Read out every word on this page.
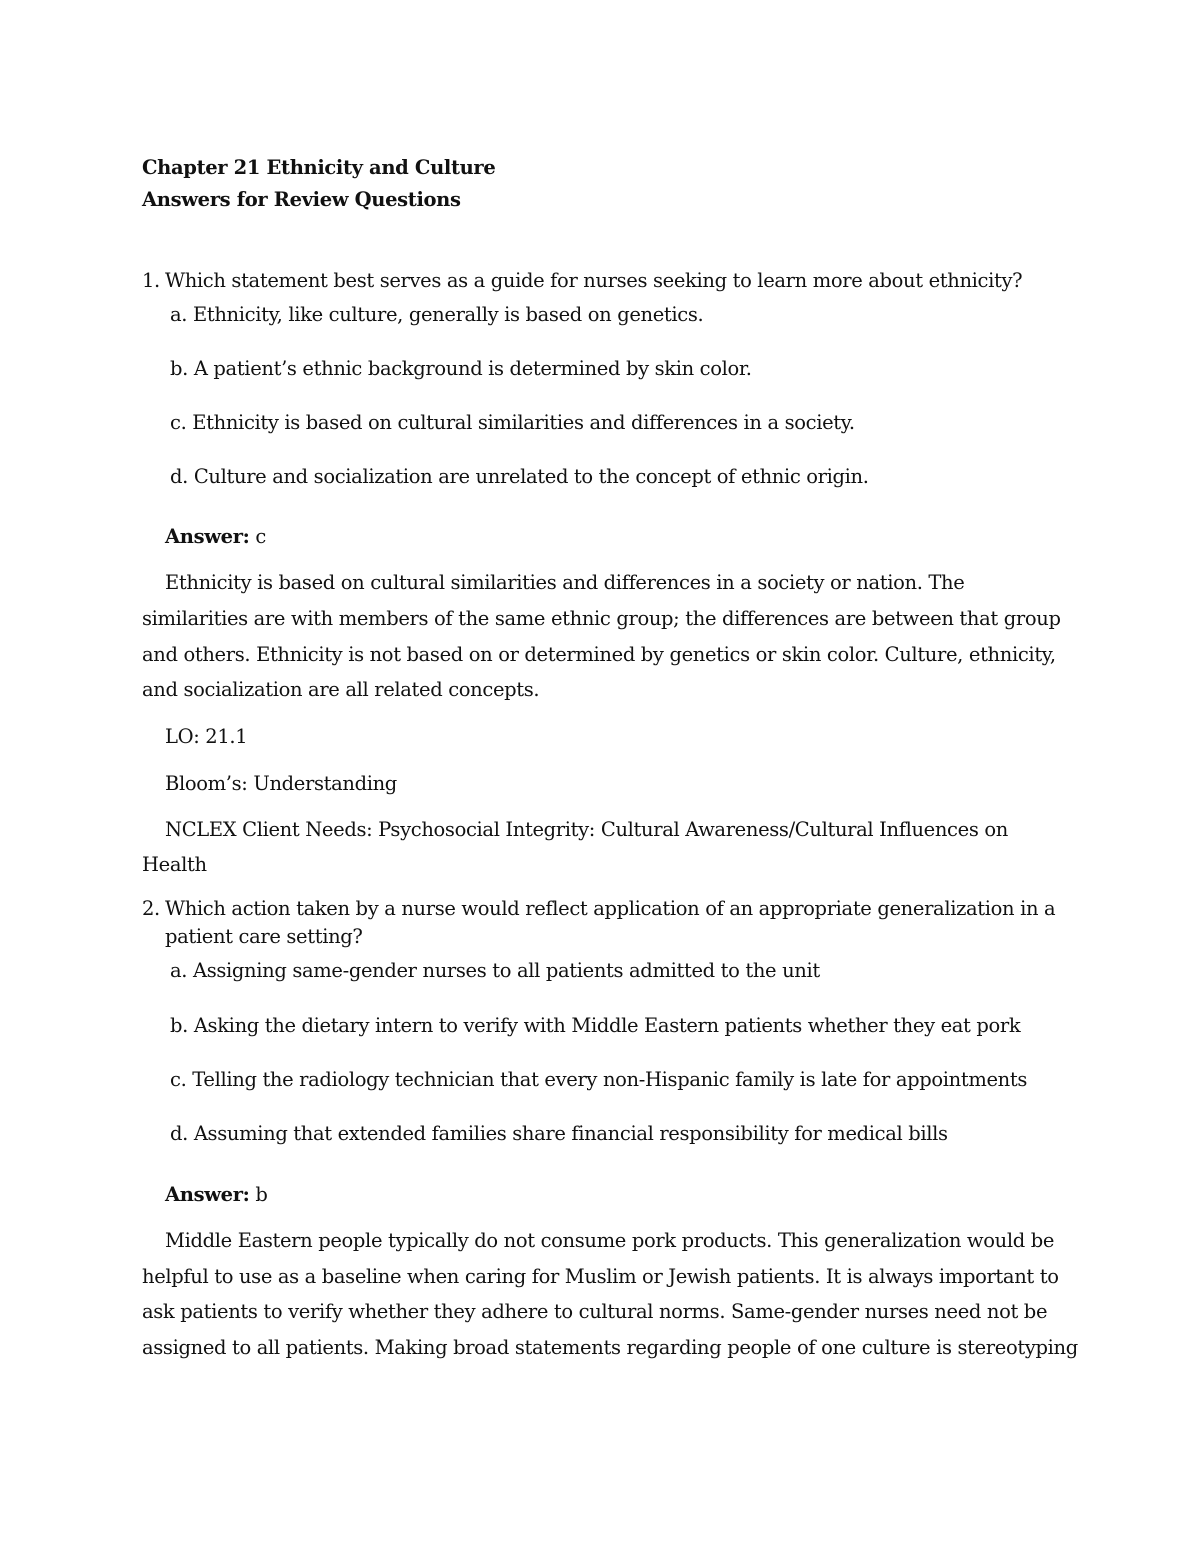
Chapter 21 Ethnicity and Culture
Answers for Review Questions
1. Which statement best serves as a guide for nurses seeking to learn more about ethnicity?
a. Ethnicity, like culture, generally is based on genetics.
b. A patient’s ethnic background is determined by skin color.
c. Ethnicity is based on cultural similarities and differences in a society.
d. Culture and socialization are unrelated to the concept of ethnic origin.
Answer: c
Ethnicity is based on cultural similarities and differences in a society or nation. The
similarities are with members of the same ethnic group; the differences are between that group
and others. Ethnicity is not based on or determined by genetics or skin color. Culture, ethnicity,
and socialization are all related concepts.
LO: 21.1
Bloom’s: Understanding
NCLEX Client Needs: Psychosocial Integrity: Cultural Awareness/Cultural Influences on
Health
2. Which action taken by a nurse would reflect application of an appropriate generalization in a
patient care setting?
a. Assigning same-gender nurses to all patients admitted to the unit
b. Asking the dietary intern to verify with Middle Eastern patients whether they eat pork
c. Telling the radiology technician that every non-Hispanic family is late for appointments
d. Assuming that extended families share financial responsibility for medical bills
Answer: b
Middle Eastern people typically do not consume pork products. This generalization would be
helpful to use as a baseline when caring for Muslim or Jewish patients. It is always important to
ask patients to verify whether they adhere to cultural norms. Same-gender nurses need not be
assigned to all patients. Making broad statements regarding people of one culture is stereotyping
